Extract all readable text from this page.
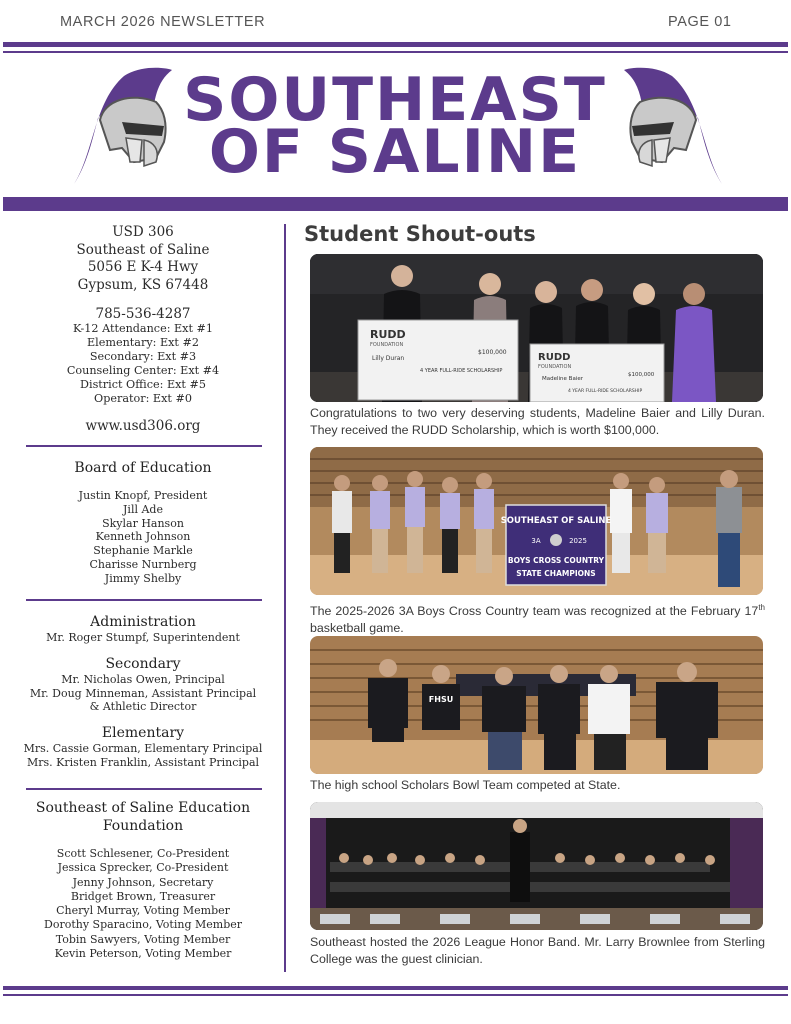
MARCH 2026 NEWSLETTER	PAGE 01
SOUTHEAST
OF SALINE
USD 306
Southeast of Saline
5056 E K-4 Hwy
Gypsum, KS 67448
785-536-4287
K-12 Attendance: Ext #1
Elementary: Ext #2
Secondary: Ext #3
Counseling Center: Ext #4
District Office: Ext #5
Operator: Ext #0
www.usd306.org
Board of Education
Justin Knopf, President
Jill Ade
Skylar Hanson
Kenneth Johnson
Stephanie Markle
Charisse Nurnberg
Jimmy Shelby
Administration
Mr. Roger Stumpf, Superintendent
Secondary
Mr. Nicholas Owen, Principal
Mr. Doug Minneman, Assistant Principal
& Athletic Director
Elementary
Mrs. Cassie Gorman, Elementary Principal
Mrs. Kristen Franklin, Assistant Principal
Southeast of Saline Education
Foundation
Scott Schlesener, Co-President
Jessica Sprecker, Co-President
Jenny Johnson, Secretary
Bridget Brown, Treasurer
Cheryl Murray, Voting Member
Dorothy Sparacino, Voting Member
Tobin Sawyers, Voting Member
Kevin Peterson, Voting Member
Student Shout-outs
RUDD
FOUNDATION
Lilly Duran
$100,000
4 YEAR FULL-RIDE SCHOLARSHIP
RUDD
FOUNDATION
Madeline Baier
$100,000
4 YEAR FULL-RIDE SCHOLARSHIP
Congratulations to two very deserving students, Madeline Baier and Lilly Duran. They received the RUDD Scholarship, which is worth $100,000.
SOUTHEAST OF SALINE
3A	2025
BOYS CROSS COUNTRY
STATE CHAMPIONS
The 2025-2026 3A Boys Cross Country team was recognized at the February 17th basketball game.
FHSU
The high school Scholars Bowl Team competed at State.
Southeast hosted the 2026 League Honor Band. Mr. Larry Brownlee from Sterling College was the guest clinician.
